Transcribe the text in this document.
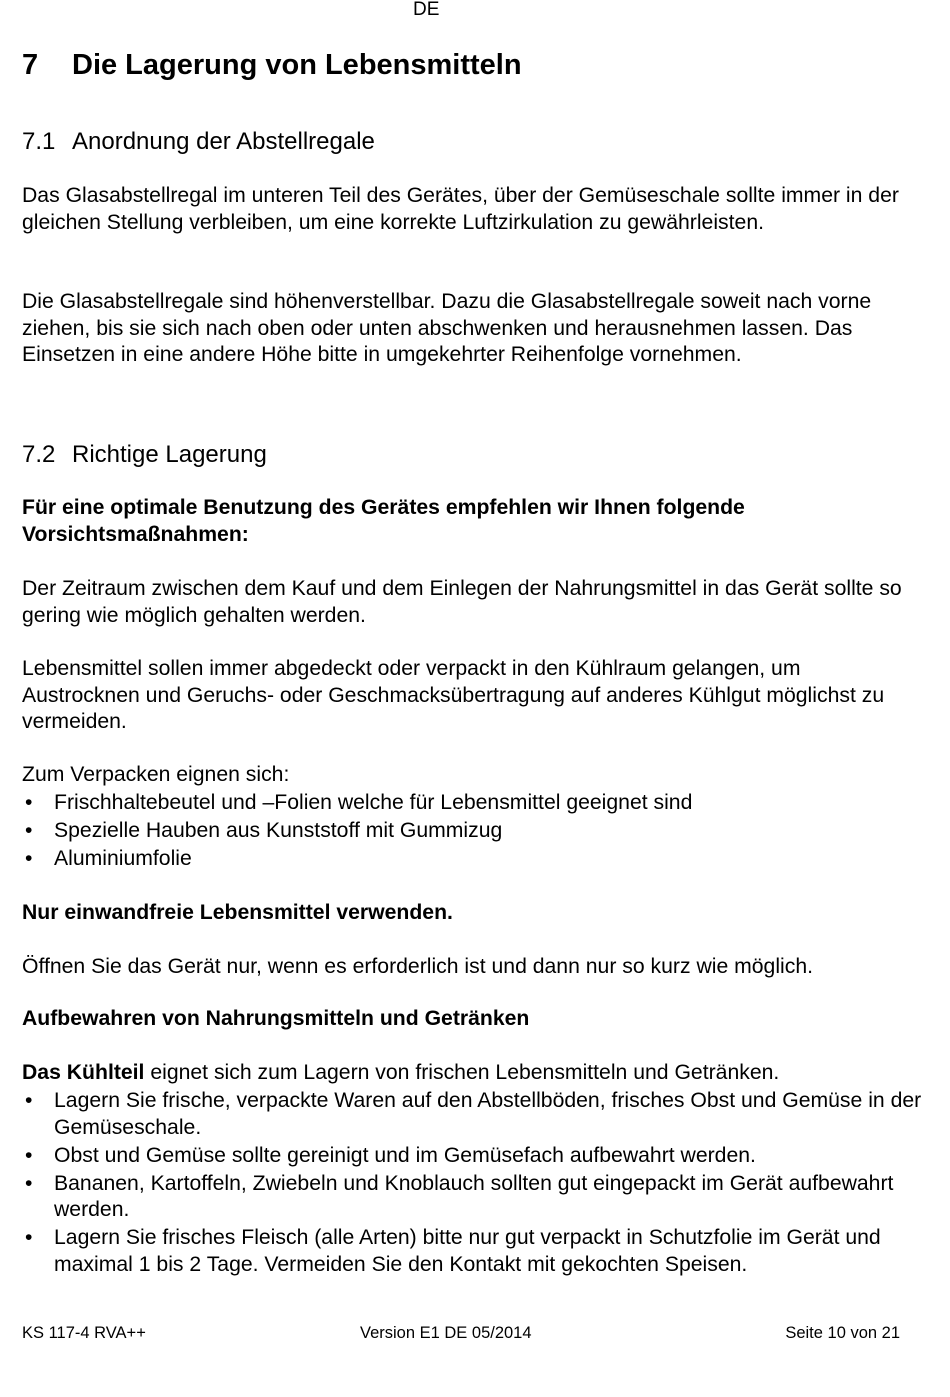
DE
7	Die Lagerung von Lebensmitteln
7.1 Anordnung der Abstellregale
Das Glasabstellregal im unteren Teil des Gerätes, über der Gemüseschale sollte immer in der gleichen Stellung verbleiben, um eine korrekte Luftzirkulation zu gewährleisten.
Die Glasabstellregale sind höhenverstellbar. Dazu die Glasabstellregale soweit nach vorne ziehen, bis sie sich nach oben oder unten abschwenken und herausnehmen lassen. Das Einsetzen in eine andere Höhe bitte in umgekehrter Reihenfolge vornehmen.
7.2 Richtige Lagerung
Für eine optimale Benutzung des Gerätes empfehlen wir Ihnen folgende Vorsichtsmaßnahmen:
Der Zeitraum zwischen dem Kauf und dem Einlegen der Nahrungsmittel in das Gerät sollte so gering wie möglich gehalten werden.
Lebensmittel sollen immer abgedeckt oder verpackt in den Kühlraum gelangen, um Austrocknen und Geruchs- oder Geschmacksübertragung auf anderes Kühlgut möglichst zu vermeiden.
Zum Verpacken eignen sich:
• Frischhaltebeutel und –Folien welche für Lebensmittel geeignet sind
• Spezielle Hauben aus Kunststoff mit Gummizug
• Aluminiumfolie
Nur einwandfreie Lebensmittel verwenden.
Öffnen Sie das Gerät nur, wenn es erforderlich ist und dann nur so kurz wie möglich.
Aufbewahren von Nahrungsmitteln und Getränken
Das Kühlteil eignet sich zum Lagern von frischen Lebensmitteln und Getränken.
• Lagern Sie frische, verpackte Waren auf den Abstellböden, frisches Obst und Gemüse in der Gemüseschale.
• Obst und Gemüse sollte gereinigt und im Gemüsefach aufbewahrt werden.
• Bananen, Kartoffeln, Zwiebeln und Knoblauch sollten gut eingepackt im Gerät aufbewahrt werden.
• Lagern Sie frisches Fleisch (alle Arten) bitte nur gut verpackt in Schutzfolie im Gerät und maximal 1 bis 2 Tage. Vermeiden Sie den Kontakt mit gekochten Speisen.
KS 117-4 RVA++	Version E1 DE 05/2014	Seite 10 von 21
